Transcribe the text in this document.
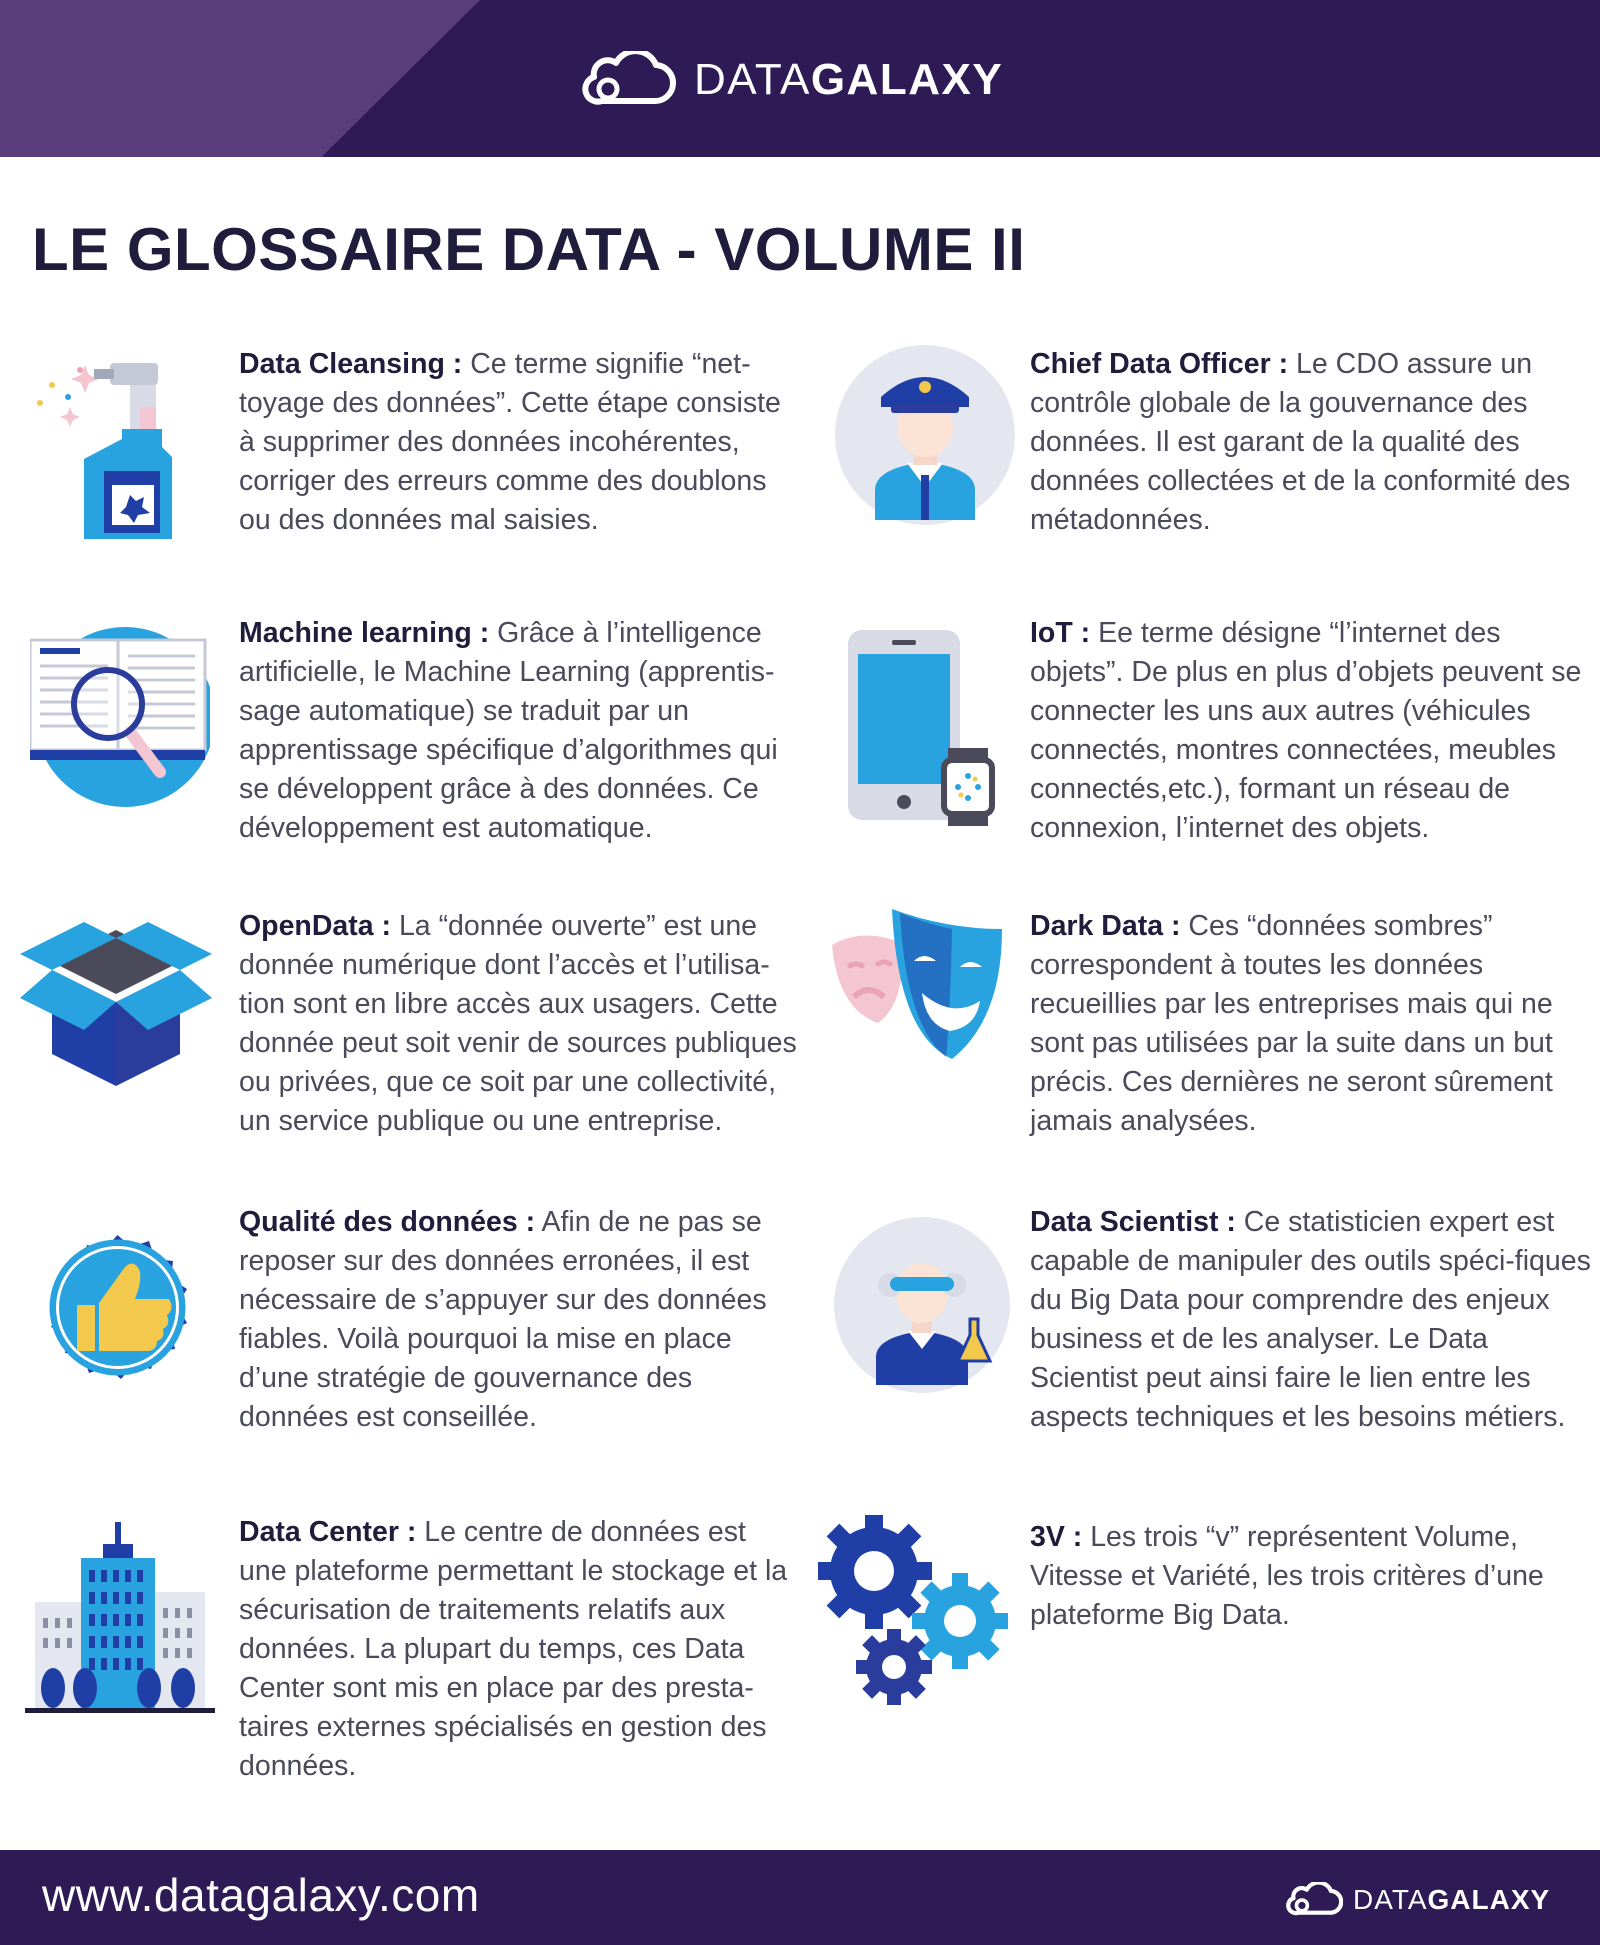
DATAGALAXY
LE GLOSSAIRE DATA - VOLUME II
Data Cleansing : Ce terme signifie “net-toyage des données”. Cette étape consiste à supprimer des données incohérentes, corriger des erreurs comme des doublons ou des données mal saisies.
Chief Data Officer : Le CDO assure un contrôle globale de la gouvernance des données. Il est garant de la qualité des données collectées et de la conformité des métadonnées.
Machine learning : Grâce à l’intelligence artificielle, le Machine Learning (apprentis-sage automatique) se traduit par un apprentissage spécifique d’algorithmes qui se développent grâce à des données. Ce développement est automatique.
IoT : Ee terme désigne “l’internet des objets”. De plus en plus d’objets peuvent se connecter les uns aux autres (véhicules connectés, montres connectées, meubles connectés,etc.), formant un réseau de connexion, l’internet des objets.
OpenData : La “donnée ouverte” est une donnée numérique dont l’accès et l’utilisa-tion sont en libre accès aux usagers. Cette donnée peut soit venir de sources publiques ou privées, que ce soit par une collectivité, un service publique ou une entreprise.
Dark Data : Ces “données sombres” correspondent à toutes les données recueillies par les entreprises mais qui ne sont pas utilisées par la suite dans un but précis. Ces dernières ne seront sûrement jamais analysées.
Qualité des données : Afin de ne pas se reposer sur des données erronées, il est nécessaire de s’appuyer sur des données fiables. Voilà pourquoi la mise en place d’une stratégie de gouvernance des données est conseillée.
Data Scientist : Ce statisticien expert est capable de manipuler des outils spéci-fiques du Big Data pour comprendre des enjeux business et de les analyser. Le Data Scientist peut ainsi faire le lien entre les aspects techniques et les besoins métiers.
Data Center : Le centre de données est une plateforme permettant le stockage et la sécurisation de traitements relatifs aux données. La plupart du temps, ces Data Center sont mis en place par des presta-taires externes spécialisés en gestion des données.
3V : Les trois “v” représentent Volume, Vitesse et Variété, les trois critères d’une plateforme Big Data.
www.datagalaxy.com	DATAGALAXY
